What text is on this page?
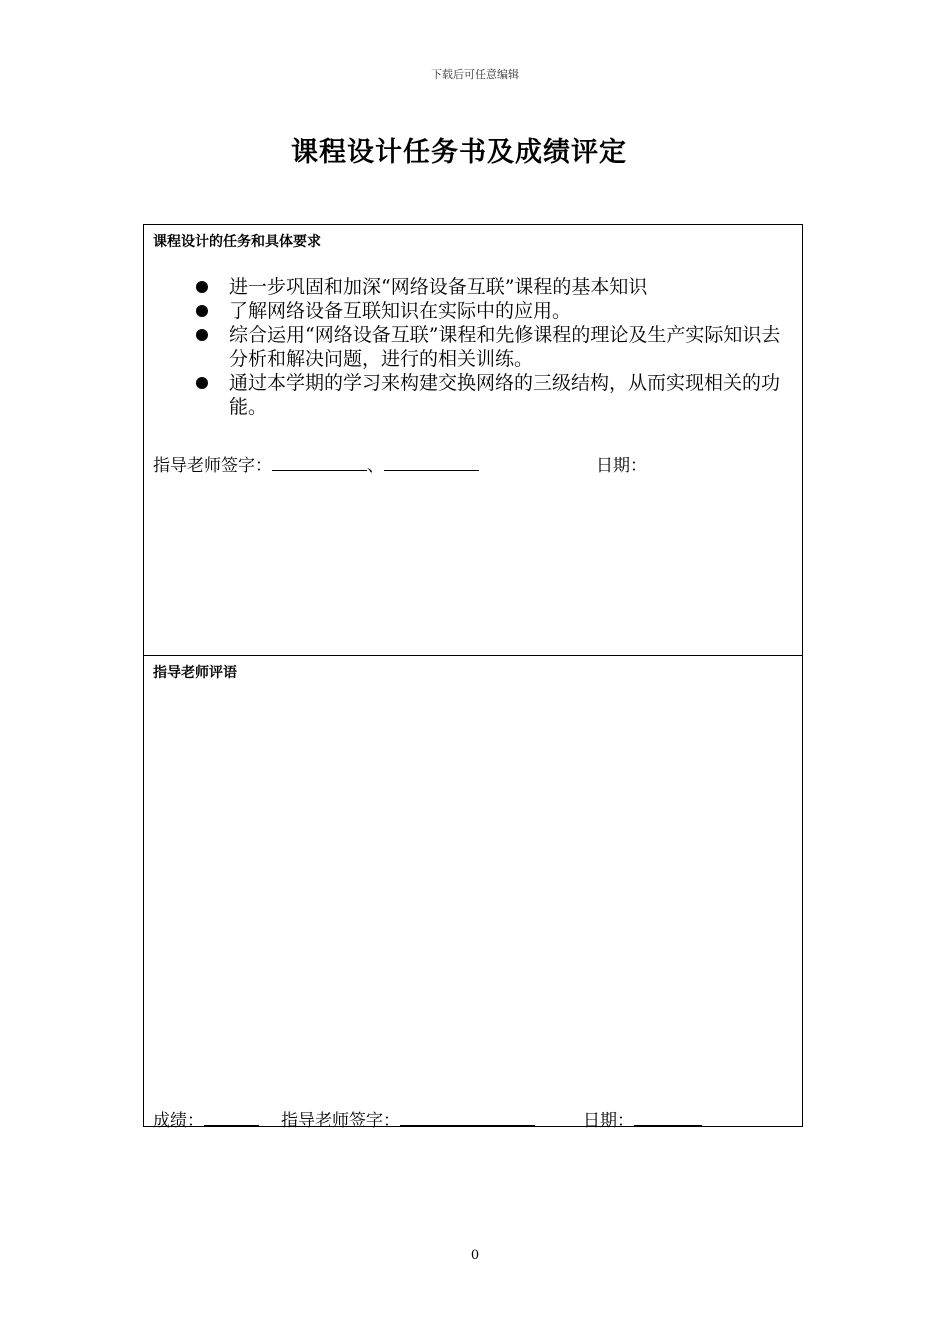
下载后可任意编辑
课程设计任务书及成绩评定
课程设计的任务和具体要求
进一步巩固和加深“网络设备互联”课程的基本知识
了解网络设备互联知识在实际中的应用。
综合运用“网络设备互联”课程和先修课程的理论及生产实际知识去分析和解决问题，进行的相关训练。
通过本学期的学习来构建交换网络的三级结构，从而实现相关的功能。
指导老师签字：	、	日期：
指导老师评语
成绩：	指导老师签字：	日期：
0
